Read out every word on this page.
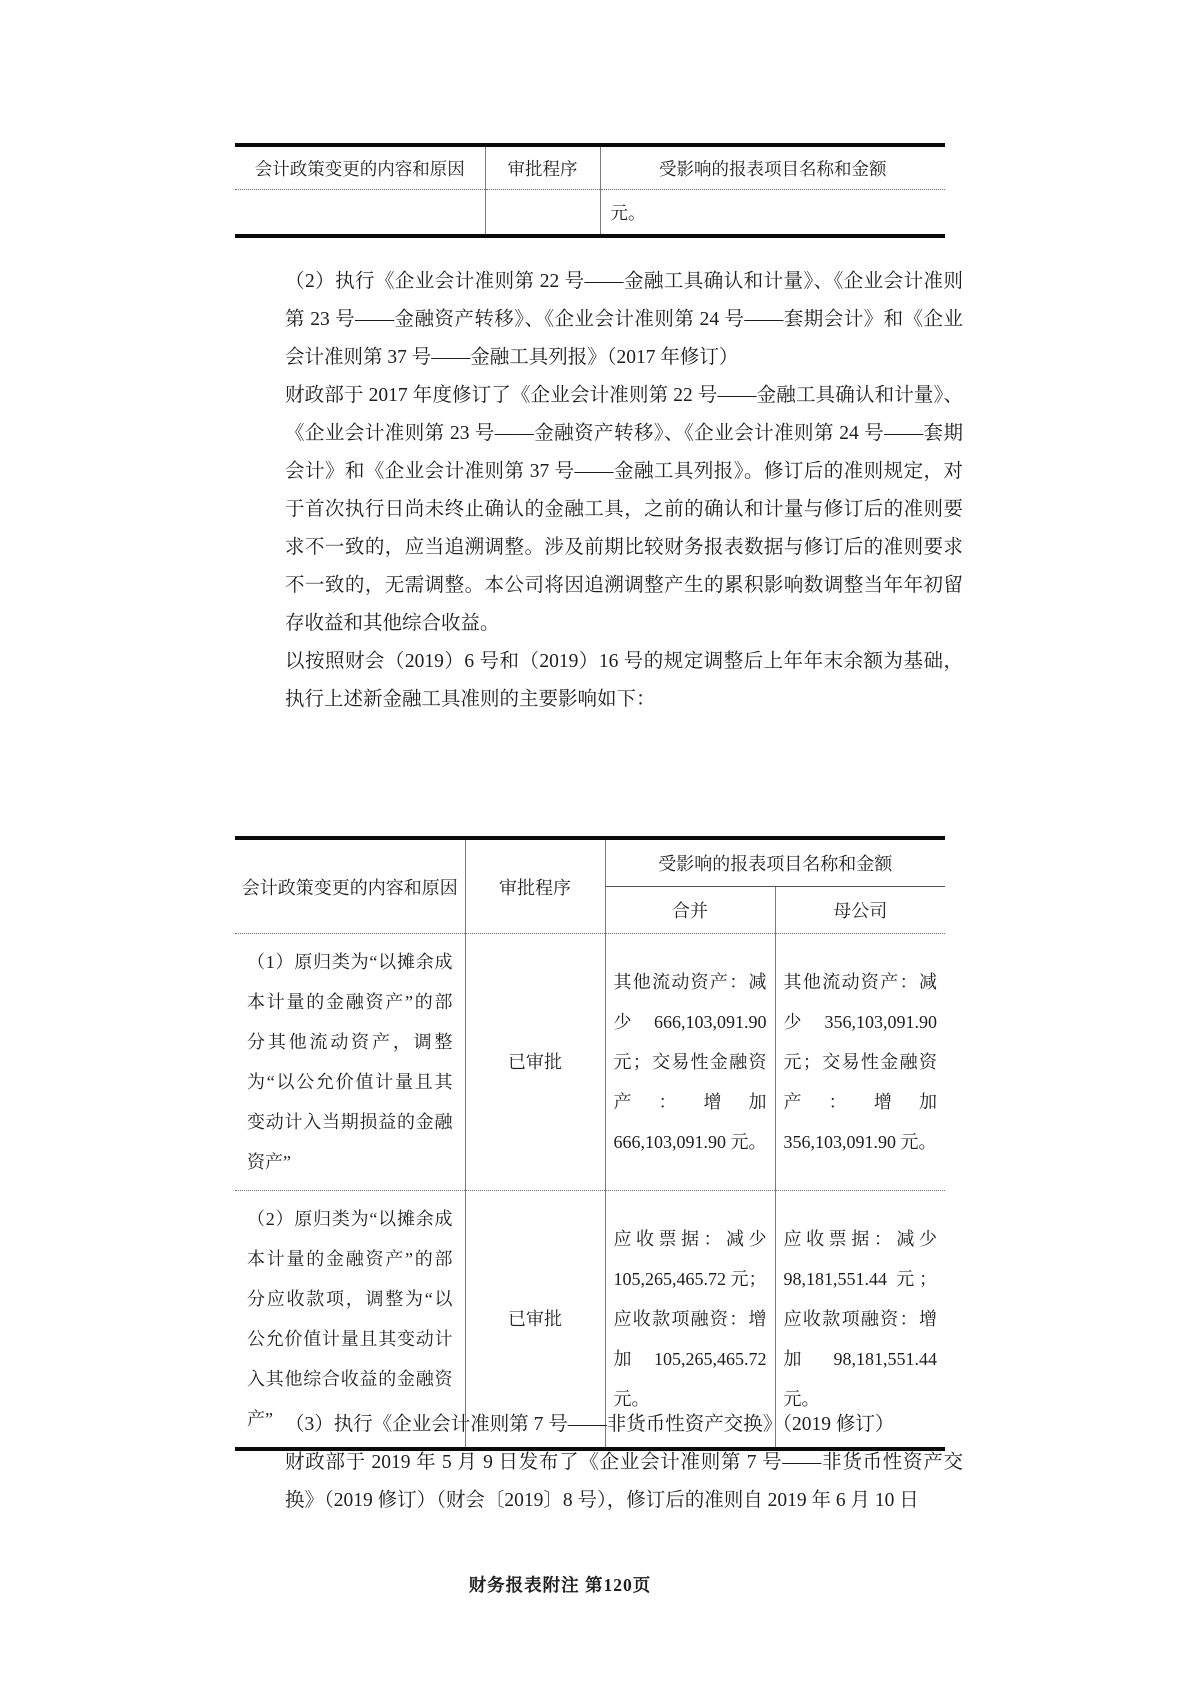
会计政策变更的内容和原因	审批程序	受影响的报表项目名称和金额
		元。

（2）执行《企业会计准则第 22 号——金融工具确认和计量》、《企业会计准则第 23 号——金融资产转移》、《企业会计准则第 24 号——套期会计》和《企业会计准则第 37 号——金融工具列报》（2017 年修订）

财政部于 2017 年度修订了《企业会计准则第 22 号——金融工具确认和计量》、《企业会计准则第 23 号——金融资产转移》、《企业会计准则第 24 号——套期会计》和《企业会计准则第 37 号——金融工具列报》。修订后的准则规定，对于首次执行日尚未终止确认的金融工具，之前的确认和计量与修订后的准则要求不一致的，应当追溯调整。涉及前期比较财务报表数据与修订后的准则要求不一致的，无需调整。本公司将因追溯调整产生的累积影响数调整当年年初留存收益和其他综合收益。

以按照财会（2019）6 号和（2019）16 号的规定调整后上年年末余额为基础，执行上述新金融工具准则的主要影响如下：

会计政策变更的内容和原因	审批程序	受影响的报表项目名称和金额	
		合并	母公司
（1）原归类为“以摊余成本计量的金融资产”的部分其他流动资产，调整为“以公允价值计量且其变动计入当期损益的金融资产”	已审批	其他流动资产：减少 666,103,091.90 元；交易性金融资产：增加 666,103,091.90 元。	其他流动资产：减少 356,103,091.90 元；交易性金融资产：增加 356,103,091.90 元。
（2）原归类为“以摊余成本计量的金融资产”的部分应收款项，调整为“以公允价值计量且其变动计入其他综合收益的金融资产”	已审批	应收票据：减少 105,265,465.72 元；应收款项融资：增加 105,265,465.72 元。	应收票据：减少 98,181,551.44 元；应收款项融资：增加 98,181,551.44 元。

（3）执行《企业会计准则第 7 号——非货币性资产交换》（2019 修订）

财政部于 2019 年 5 月 9 日发布了《企业会计准则第 7 号——非货币性资产交换》（2019 修订）（财会〔2019〕8 号），修订后的准则自 2019 年 6 月 10 日

财务报表附注 第120页
